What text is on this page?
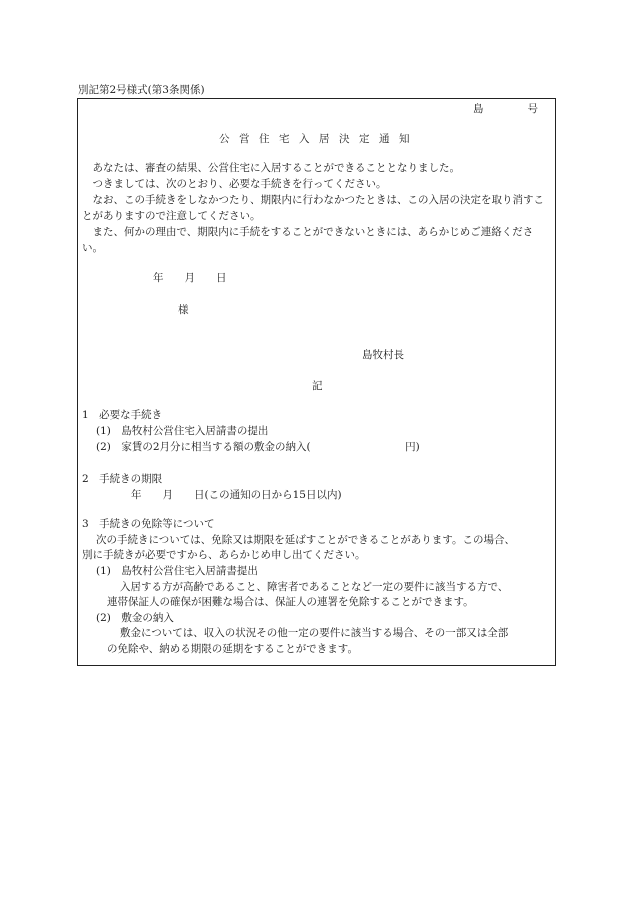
別記第2号様式(第3条関係)
島	号
公営住宅入居決定通知

あなたは、審査の結果、公営住宅に入居することができることとなりました。

つきましては、次のとおり、必要な手続きを行ってください。

なお、この手続きをしなかつたり、期限内に行わなかつたときは、この入居の決定を取り消すことがありますので注意してください。

また、何かの理由で、期限内に手続をすることができないときには、あらかじめご連絡ください。

年　　月　　日
様
島牧村長
記
1　必要な手続き
(1)　島牧村公営住宅入居請書の提出
(2)　家賃の2月分に相当する額の敷金の納入(　　　　　　　　　円)
2　手続きの期限
年　　月　　日(この通知の日から15日以内)
3　手続きの免除等について
次の手続きについては、免除又は期限を延ばすことができることがあります。この場合、
別に手続きが必要ですから、あらかじめ申し出てください。
(1)　島牧村公営住宅入居請書提出
入居する方が高齢であること、障害者であることなど一定の要件に該当する方で、
連帯保証人の確保が困難な場合は、保証人の連署を免除することができます。
(2)　敷金の納入
敷金については、収入の状況その他一定の要件に該当する場合、その一部又は全部
の免除や、納める期限の延期をすることができます。
